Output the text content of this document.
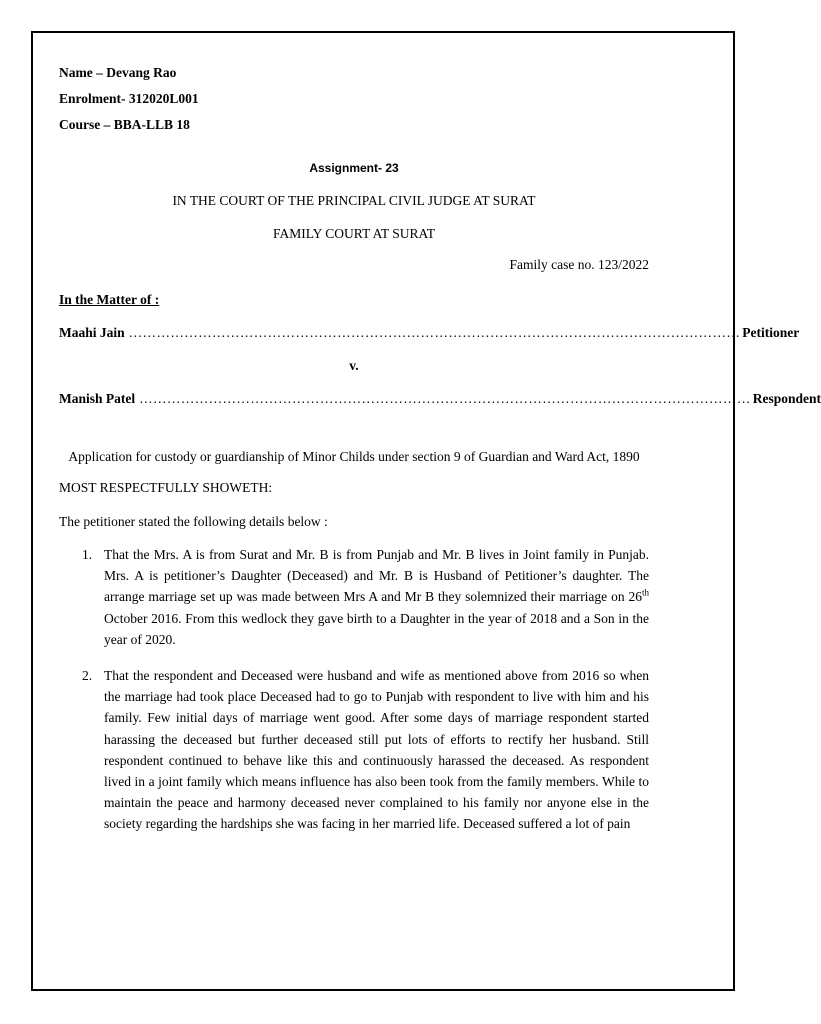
Name – Devang Rao
Enrolment- 312020L001
Course – BBA-LLB 18
Assignment- 23
IN THE COURT OF THE PRINCIPAL CIVIL JUDGE AT SURAT
FAMILY COURT AT SURAT
Family case no. 123/2022
In the Matter of :
Maahi Jain …………………………………………………………………………………………………………………… Petitioner
v.
Manish Patel …………………………………………………………………………………………………………………… Respondent
Application for custody or guardianship of Minor Childs under section 9 of Guardian and Ward Act, 1890
MOST RESPECTFULLY SHOWETH:
The petitioner stated the following details below :
1. That the Mrs. A is from Surat and Mr. B is from Punjab and Mr. B lives in Joint family in Punjab. Mrs. A is petitioner’s Daughter (Deceased) and Mr. B is Husband of Petitioner’s daughter. The arrange marriage set up was made between Mrs A and Mr B they solemnized their marriage on 26th October 2016. From this wedlock they gave birth to a Daughter in the year of 2018 and a Son in the year of 2020.
2. That the respondent and Deceased were husband and wife as mentioned above from 2016 so when the marriage had took place Deceased had to go to Punjab with respondent to live with him and his family. Few initial days of marriage went good. After some days of marriage respondent started harassing the deceased but further deceased still put lots of efforts to rectify her husband. Still respondent continued to behave like this and continuously harassed the deceased. As respondent lived in a joint family which means influence has also been took from the family members. While to maintain the peace and harmony deceased never complained to his family nor anyone else in the society regarding the hardships she was facing in her married life. Deceased suffered a lot of pain
